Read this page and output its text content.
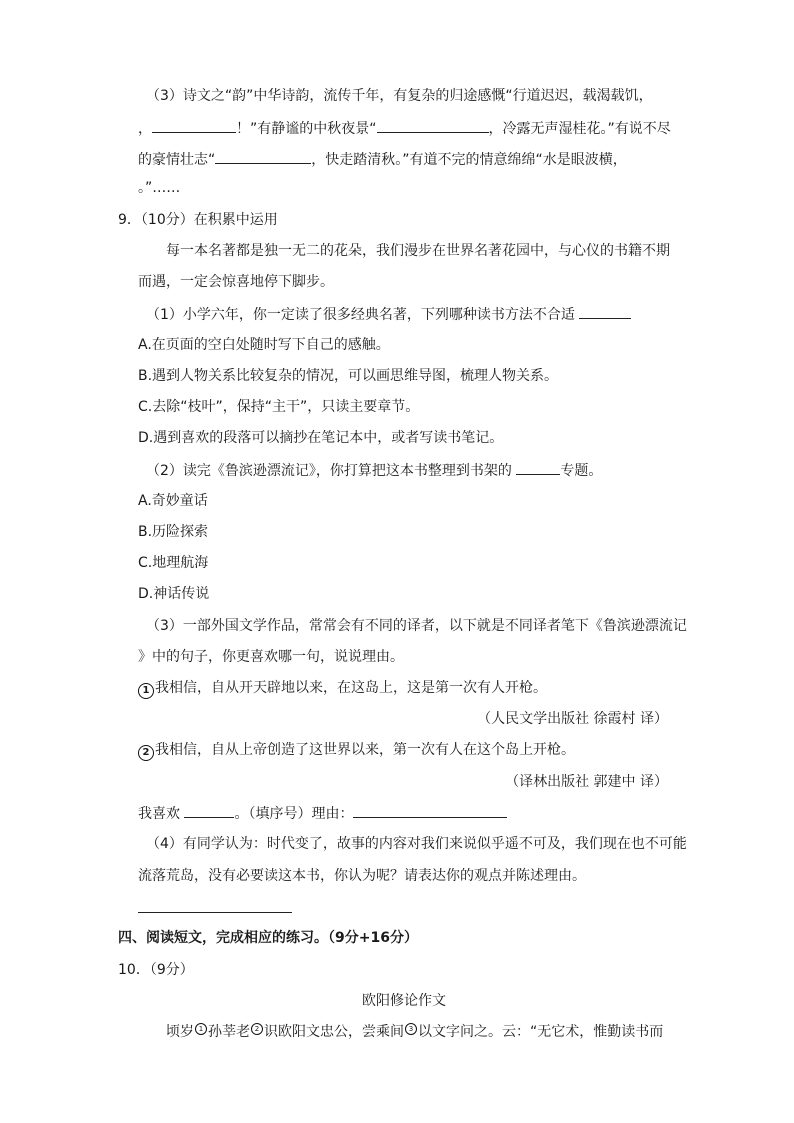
（3）诗文之“韵”中华诗韵，流传千年，有复杂的归途感慨“行道迟迟，载渴载饥，
，	！”有静谧的中秋夜景“	，冷露无声湿桂花。”有说不尽
的豪情壮志“	，快走踏清秋。”有道不完的情意绵绵“水是眼波横，
。”……
9．（10分）在积累中运用
每一本名著都是独一无二的花朵，我们漫步在世界名著花园中，与心仪的书籍不期
而遇，一定会惊喜地停下脚步。
（1）小学六年，你一定读了很多经典名著，下列哪种读书方法不合适
A.在页面的空白处随时写下自己的感触。
B.遇到人物关系比较复杂的情况，可以画思维导图，梳理人物关系。
C.去除“枝叶”，保持“主干”，只读主要章节。
D.遇到喜欢的段落可以摘抄在笔记本中，或者写读书笔记。
（2）读完《鲁滨逊漂流记》，你打算把这本书整理到书架的	专题。
A.奇妙童话
B.历险探索
C.地理航海
D.神话传说
（3）一部外国文学作品，常常会有不同的译者，以下就是不同译者笔下《鲁滨逊漂流记
》中的句子，你更喜欢哪一句，说说理由。
1 我相信，自从开天辟地以来，在这岛上，这是第一次有人开枪。
（人民文学出版社 徐霞村 译）
2 我相信，自从上帝创造了这世界以来，第一次有人在这个岛上开枪。
（译林出版社 郭建中 译）
我喜欢	。（填序号）理由：
（4）有同学认为：时代变了，故事的内容对我们来说似乎遥不可及，我们现在也不可能
流落荒岛，没有必要读这本书，你认为呢？请表达你的观点并陈述理由。
四、阅读短文，完成相应的练习。（9分+16分）
10．（9分）
欧阳修论作文
顷岁 1 孙莘老 2 识欧阳文忠公，尝乘间 3 以文字问之。云：“无它术，惟勤读书而
